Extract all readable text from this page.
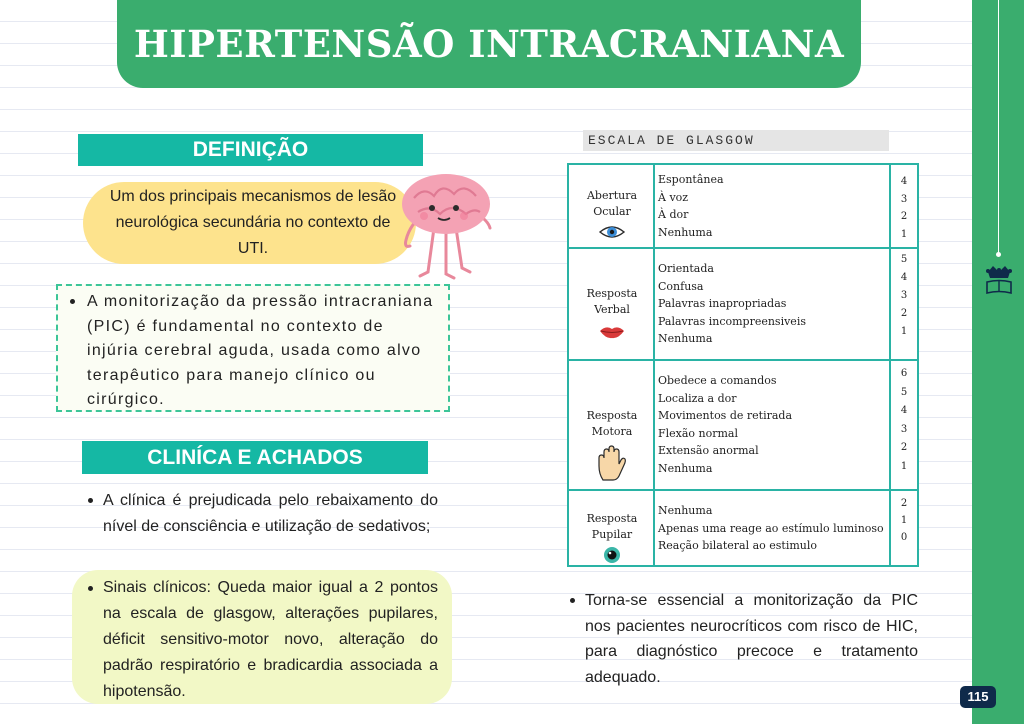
115
HIPERTENSÃO INTRACRANIANA
DEFINIÇÃO
Um dos principais mecanismos de lesão neurológica secundária no contexto de UTI.
A monitorização da pressão intracraniana (PIC) é fundamental no contexto de injúria cerebral aguda, usada como alvo terapêutico para manejo clínico ou cirúrgico.
CLINÍCA E ACHADOS
A clínica é prejudicada pelo rebaixamento do nível de consciência e utilização de sedativos;
Sinais clínicos: Queda maior igual a 2 pontos na escala de glasgow, alterações pupilares, déficit sensitivo-motor novo, alteração do padrão respiratório e bradicardia associada a hipotensão.
ESCALA DE GLASGOW
Abertura
Ocular
Espontânea
À voz
À dor
Nenhuma
4
3
2
1
Resposta
Verbal
Orientada
Confusa
Palavras inapropriadas
Palavras incompreensiveis
Nenhuma
5
4
3
2
1
Resposta
Motora
Obedece a comandos
Localiza a dor
Movimentos de retirada
Flexão normal
Extensão anormal
Nenhuma
6
5
4
3
2
1
Resposta
Pupilar
Nenhuma
Apenas uma reage ao estímulo luminoso
Reação bilateral ao estimulo
2
1
0
Torna-se essencial a monitorização da PIC nos pacientes neurocríticos com risco de HIC, para diagnóstico precoce e tratamento adequado.
